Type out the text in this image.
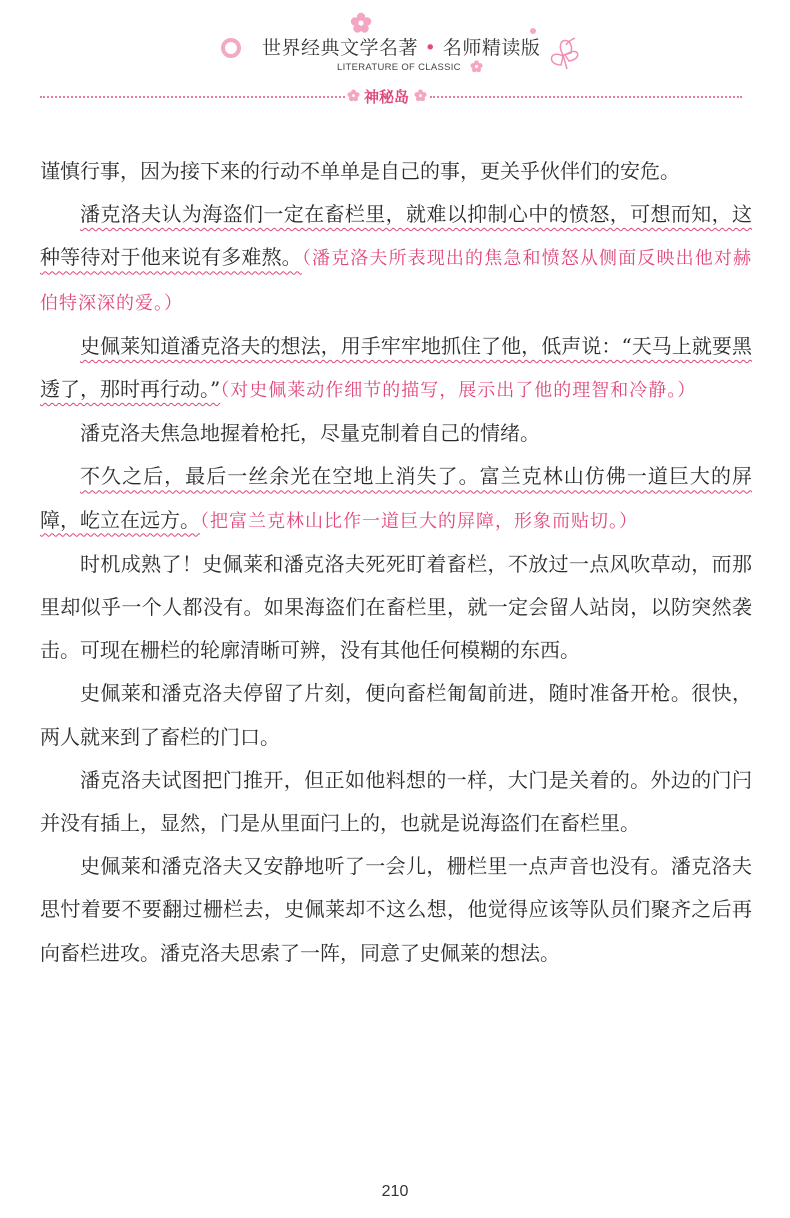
世界经典文学名著 • 名师精读版
LITERATURE OF CLASSIC
神秘岛

谨慎行事，因为接下来的行动不单单是自己的事，更关乎伙伴们的安危。

潘克洛夫认为海盗们一定在畜栏里，就难以抑制心中的愤怒，可想而知，这种等待对于他来说有多难熬。（潘克洛夫所表现出的焦急和愤怒从侧面反映出他对赫伯特深深的爱。）

史佩莱知道潘克洛夫的想法，用手牢牢地抓住了他，低声说：“天马上就要黑透了，那时再行动。”（对史佩莱动作细节的描写，展示出了他的理智和冷静。）

潘克洛夫焦急地握着枪托，尽量克制着自己的情绪。

不久之后，最后一丝余光在空地上消失了。富兰克林山仿佛一道巨大的屏障，屹立在远方。（把富兰克林山比作一道巨大的屏障，形象而贴切。）

时机成熟了！史佩莱和潘克洛夫死死盯着畜栏，不放过一点风吹草动，而那里却似乎一个人都没有。如果海盗们在畜栏里，就一定会留人站岗，以防突然袭击。可现在栅栏的轮廓清晰可辨，没有其他任何模糊的东西。

史佩莱和潘克洛夫停留了片刻，便向畜栏匍匐前进，随时准备开枪。很快，两人就来到了畜栏的门口。

潘克洛夫试图把门推开，但正如他料想的一样，大门是关着的。外边的门闩并没有插上，显然，门是从里面闩上的，也就是说海盗们在畜栏里。

史佩莱和潘克洛夫又安静地听了一会儿，栅栏里一点声音也没有。潘克洛夫思忖着要不要翻过栅栏去，史佩莱却不这么想，他觉得应该等队员们聚齐之后再向畜栏进攻。潘克洛夫思索了一阵，同意了史佩莱的想法。

210
